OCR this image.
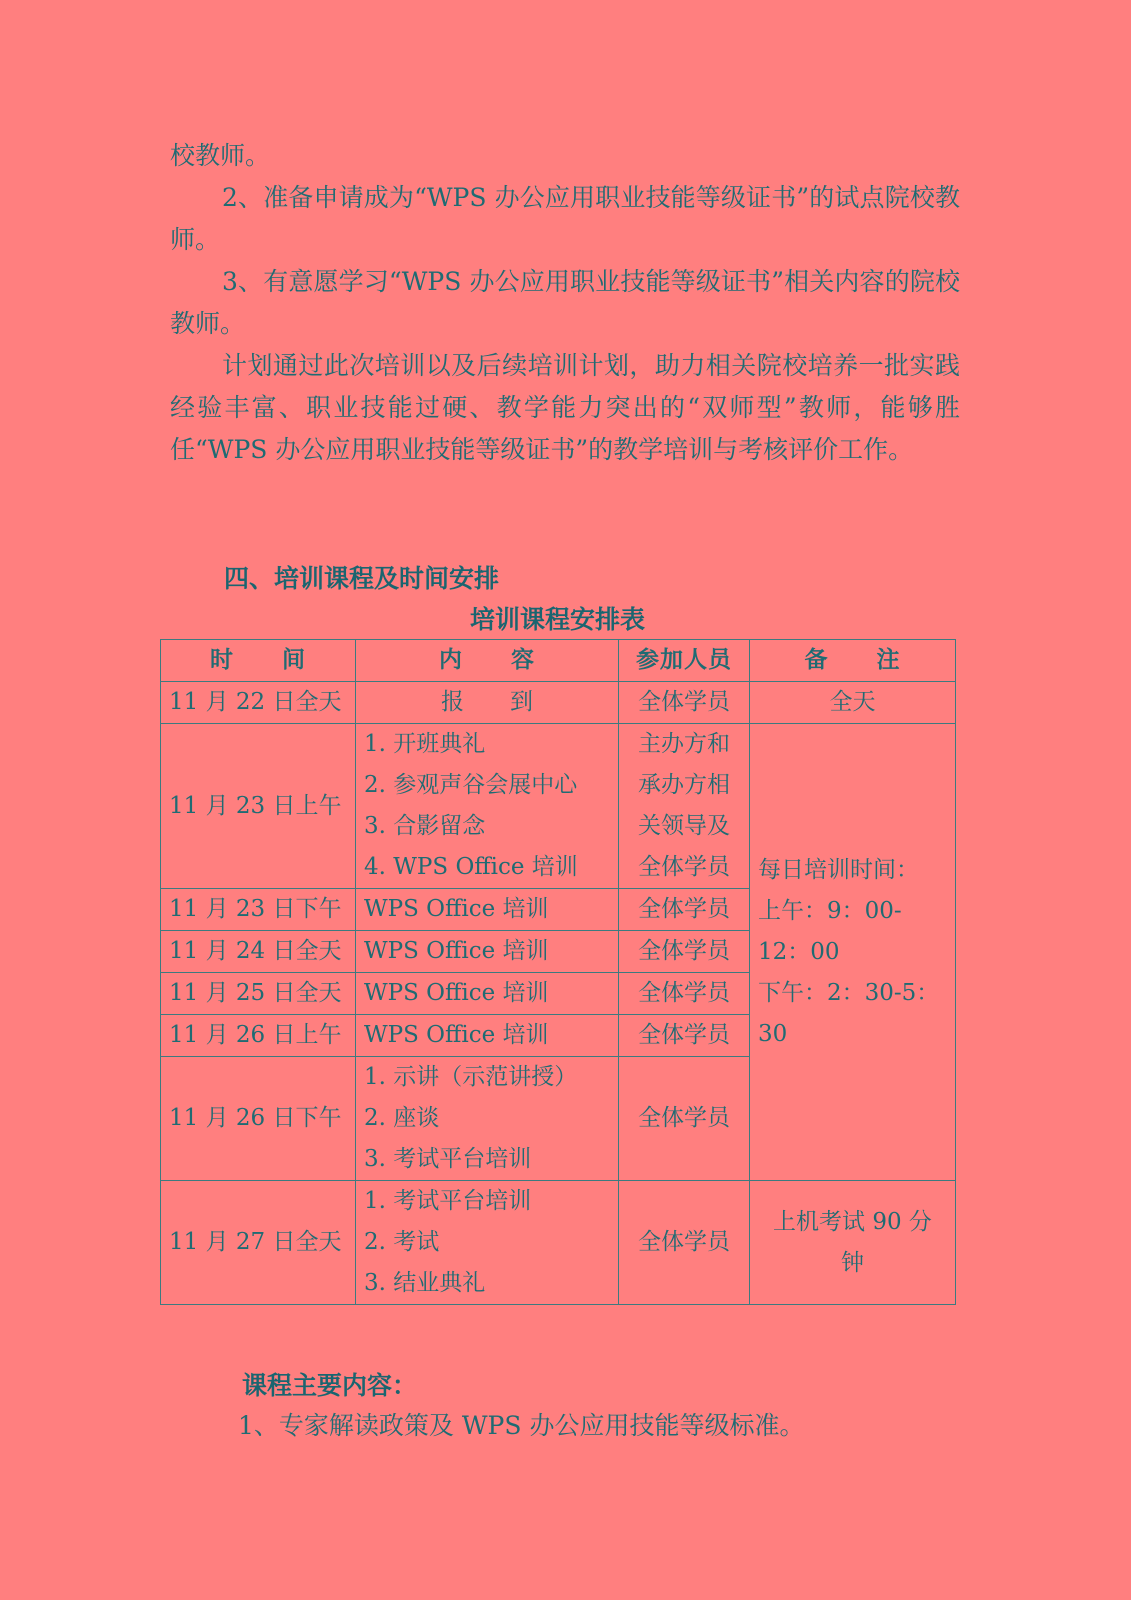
校教师。

2、准备申请成为“WPS 办公应用职业技能等级证书”的试点院校教师。

3、有意愿学习“WPS 办公应用职业技能等级证书”相关内容的院校教师。

计划通过此次培训以及后续培训计划，助力相关院校培养一批实践经验丰富、职业技能过硬、教学能力突出的“双师型”教师，能够胜任“WPS 办公应用职业技能等级证书”的教学培训与考核评价工作。

四、培训课程及时间安排
培训课程安排表
时　　间	内　　容	参加人员	备　　注
11 月 22 日全天	报　　到	全体学员	全天

11 月 23 日上午	1. 开班典礼
2. 参观声谷会展中心
3. 合影留念
4. WPS Office 培训	主办方和
承办方相
关领导及
全体学员	每日培训时间：
上午：9：00-12：00
下午：2：30-5：30

11 月 23 日下午	WPS Office 培训	全体学员	

11 月 24 日全天	WPS Office 培训	全体学员	

11 月 25 日全天	WPS Office 培训	全体学员	

11 月 26 日上午	WPS Office 培训	全体学员	

11 月 26 日下午	1. 示讲（示范讲授）
2. 座谈
3. 考试平台培训	全体学员	

11 月 27 日全天	1. 考试平台培训
2. 考试
3. 结业典礼	全体学员	上机考试 90 分
钟
课程主要内容：

1、专家解读政策及 WPS 办公应用技能等级标准。
